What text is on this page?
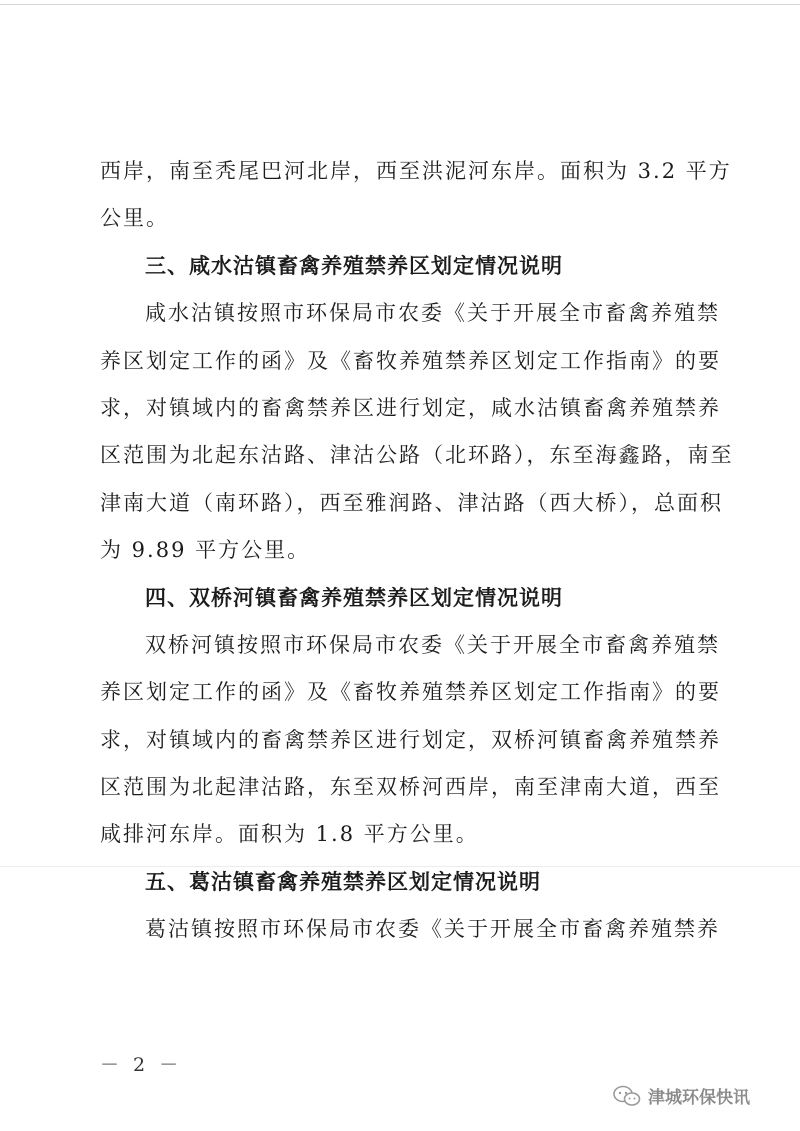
西岸，南至秃尾巴河北岸，西至洪泥河东岸。面积为 3.2 平方
公里。
三、咸水沽镇畜禽养殖禁养区划定情况说明
咸水沽镇按照市环保局市农委《关于开展全市畜禽养殖禁
养区划定工作的函》及《畜牧养殖禁养区划定工作指南》的要
求，对镇域内的畜禽禁养区进行划定，咸水沽镇畜禽养殖禁养
区范围为北起东沽路、津沽公路（北环路），东至海鑫路，南至
津南大道（南环路），西至雅润路、津沽路（西大桥），总面积
为 9.89 平方公里。
四、双桥河镇畜禽养殖禁养区划定情况说明
双桥河镇按照市环保局市农委《关于开展全市畜禽养殖禁
养区划定工作的函》及《畜牧养殖禁养区划定工作指南》的要
求，对镇域内的畜禽禁养区进行划定，双桥河镇畜禽养殖禁养
区范围为北起津沽路，东至双桥河西岸，南至津南大道，西至
咸排河东岸。面积为 1.8 平方公里。
五、葛沽镇畜禽养殖禁养区划定情况说明
葛沽镇按照市环保局市农委《关于开展全市畜禽养殖禁养
－ 2 －
津城环保快讯
